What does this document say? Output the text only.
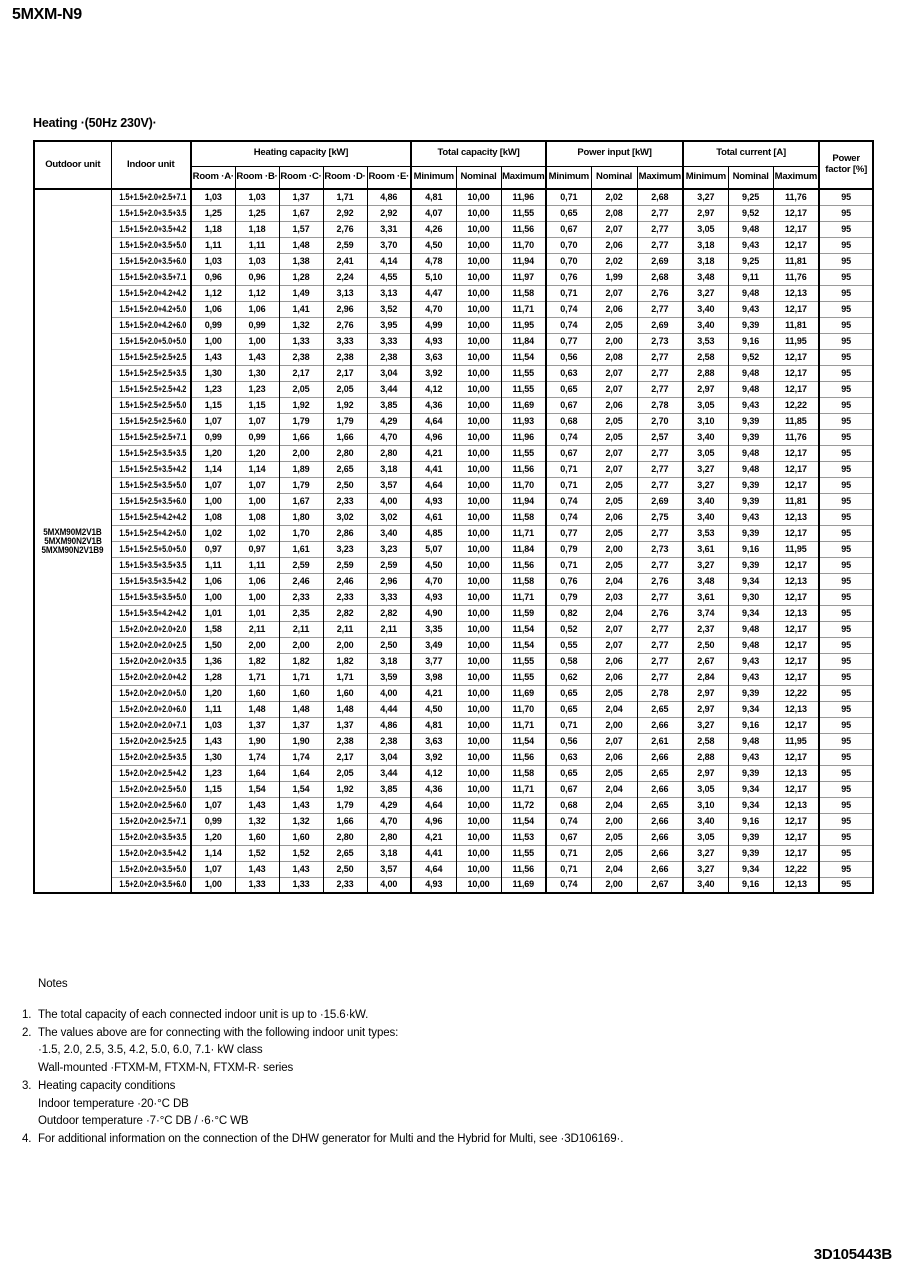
5MXM-N9
Heating ·(50Hz 230V)·
Outdoor unit	Indoor unit	Heating capacity [kW]					Total capacity [kW]			Power input [kW]			Total current [A]			Power factor [%]
		Room ·A·	Room ·B·	Room ·C·	Room ·D·	Room ·E·	Minimum	Nominal	Maximum	Minimum	Nominal	Maximum	Minimum	Nominal	Maximum	

5MXM90M2V1B
5MXM90N2V1B
5MXM90N2V1B9	1.5+1.5+2.0+2.5+7.1	1,03	1,03	1,37	1,71	4,86	4,81	10,00	11,96	0,71	2,02	2,68	3,27	9,25	11,76	95
	1.5+1.5+2.0+3.5+3.5	1,25	1,25	1,67	2,92	2,92	4,07	10,00	11,55	0,65	2,08	2,77	2,97	9,52	12,17	95
	1.5+1.5+2.0+3.5+4.2	1,18	1,18	1,57	2,76	3,31	4,26	10,00	11,56	0,67	2,07	2,77	3,05	9,48	12,17	95
	1.5+1.5+2.0+3.5+5.0	1,11	1,11	1,48	2,59	3,70	4,50	10,00	11,70	0,70	2,06	2,77	3,18	9,43	12,17	95
	1.5+1.5+2.0+3.5+6.0	1,03	1,03	1,38	2,41	4,14	4,78	10,00	11,94	0,70	2,02	2,69	3,18	9,25	11,81	95
	1.5+1.5+2.0+3.5+7.1	0,96	0,96	1,28	2,24	4,55	5,10	10,00	11,97	0,76	1,99	2,68	3,48	9,11	11,76	95
	1.5+1.5+2.0+4.2+4.2	1,12	1,12	1,49	3,13	3,13	4,47	10,00	11,58	0,71	2,07	2,76	3,27	9,48	12,13	95
	1.5+1.5+2.0+4.2+5.0	1,06	1,06	1,41	2,96	3,52	4,70	10,00	11,71	0,74	2,06	2,77	3,40	9,43	12,17	95
	1.5+1.5+2.0+4.2+6.0	0,99	0,99	1,32	2,76	3,95	4,99	10,00	11,95	0,74	2,05	2,69	3,40	9,39	11,81	95
	1.5+1.5+2.0+5.0+5.0	1,00	1,00	1,33	3,33	3,33	4,93	10,00	11,84	0,77	2,00	2,73	3,53	9,16	11,95	95
	1.5+1.5+2.5+2.5+2.5	1,43	1,43	2,38	2,38	2,38	3,63	10,00	11,54	0,56	2,08	2,77	2,58	9,52	12,17	95
	1.5+1.5+2.5+2.5+3.5	1,30	1,30	2,17	2,17	3,04	3,92	10,00	11,55	0,63	2,07	2,77	2,88	9,48	12,17	95
	1.5+1.5+2.5+2.5+4.2	1,23	1,23	2,05	2,05	3,44	4,12	10,00	11,55	0,65	2,07	2,77	2,97	9,48	12,17	95
	1.5+1.5+2.5+2.5+5.0	1,15	1,15	1,92	1,92	3,85	4,36	10,00	11,69	0,67	2,06	2,78	3,05	9,43	12,22	95
	1.5+1.5+2.5+2.5+6.0	1,07	1,07	1,79	1,79	4,29	4,64	10,00	11,93	0,68	2,05	2,70	3,10	9,39	11,85	95
	1.5+1.5+2.5+2.5+7.1	0,99	0,99	1,66	1,66	4,70	4,96	10,00	11,96	0,74	2,05	2,57	3,40	9,39	11,76	95
	1.5+1.5+2.5+3.5+3.5	1,20	1,20	2,00	2,80	2,80	4,21	10,00	11,55	0,67	2,07	2,77	3,05	9,48	12,17	95
	1.5+1.5+2.5+3.5+4.2	1,14	1,14	1,89	2,65	3,18	4,41	10,00	11,56	0,71	2,07	2,77	3,27	9,48	12,17	95
	1.5+1.5+2.5+3.5+5.0	1,07	1,07	1,79	2,50	3,57	4,64	10,00	11,70	0,71	2,05	2,77	3,27	9,39	12,17	95
	1.5+1.5+2.5+3.5+6.0	1,00	1,00	1,67	2,33	4,00	4,93	10,00	11,94	0,74	2,05	2,69	3,40	9,39	11,81	95
	1.5+1.5+2.5+4.2+4.2	1,08	1,08	1,80	3,02	3,02	4,61	10,00	11,58	0,74	2,06	2,75	3,40	9,43	12,13	95
	1.5+1.5+2.5+4.2+5.0	1,02	1,02	1,70	2,86	3,40	4,85	10,00	11,71	0,77	2,05	2,77	3,53	9,39	12,17	95
	1.5+1.5+2.5+5.0+5.0	0,97	0,97	1,61	3,23	3,23	5,07	10,00	11,84	0,79	2,00	2,73	3,61	9,16	11,95	95
	1.5+1.5+3.5+3.5+3.5	1,11	1,11	2,59	2,59	2,59	4,50	10,00	11,56	0,71	2,05	2,77	3,27	9,39	12,17	95
	1.5+1.5+3.5+3.5+4.2	1,06	1,06	2,46	2,46	2,96	4,70	10,00	11,58	0,76	2,04	2,76	3,48	9,34	12,13	95
	1.5+1.5+3.5+3.5+5.0	1,00	1,00	2,33	2,33	3,33	4,93	10,00	11,71	0,79	2,03	2,77	3,61	9,30	12,17	95
	1.5+1.5+3.5+4.2+4.2	1,01	1,01	2,35	2,82	2,82	4,90	10,00	11,59	0,82	2,04	2,76	3,74	9,34	12,13	95
	1.5+2.0+2.0+2.0+2.0	1,58	2,11	2,11	2,11	2,11	3,35	10,00	11,54	0,52	2,07	2,77	2,37	9,48	12,17	95
	1.5+2.0+2.0+2.0+2.5	1,50	2,00	2,00	2,00	2,50	3,49	10,00	11,54	0,55	2,07	2,77	2,50	9,48	12,17	95
	1.5+2.0+2.0+2.0+3.5	1,36	1,82	1,82	1,82	3,18	3,77	10,00	11,55	0,58	2,06	2,77	2,67	9,43	12,17	95
	1.5+2.0+2.0+2.0+4.2	1,28	1,71	1,71	1,71	3,59	3,98	10,00	11,55	0,62	2,06	2,77	2,84	9,43	12,17	95
	1.5+2.0+2.0+2.0+5.0	1,20	1,60	1,60	1,60	4,00	4,21	10,00	11,69	0,65	2,05	2,78	2,97	9,39	12,22	95
	1.5+2.0+2.0+2.0+6.0	1,11	1,48	1,48	1,48	4,44	4,50	10,00	11,70	0,65	2,04	2,65	2,97	9,34	12,13	95
	1.5+2.0+2.0+2.0+7.1	1,03	1,37	1,37	1,37	4,86	4,81	10,00	11,71	0,71	2,00	2,66	3,27	9,16	12,17	95
	1.5+2.0+2.0+2.5+2.5	1,43	1,90	1,90	2,38	2,38	3,63	10,00	11,54	0,56	2,07	2,61	2,58	9,48	11,95	95
	1.5+2.0+2.0+2.5+3.5	1,30	1,74	1,74	2,17	3,04	3,92	10,00	11,56	0,63	2,06	2,66	2,88	9,43	12,17	95
	1.5+2.0+2.0+2.5+4.2	1,23	1,64	1,64	2,05	3,44	4,12	10,00	11,58	0,65	2,05	2,65	2,97	9,39	12,13	95
	1.5+2.0+2.0+2.5+5.0	1,15	1,54	1,54	1,92	3,85	4,36	10,00	11,71	0,67	2,04	2,66	3,05	9,34	12,17	95
	1.5+2.0+2.0+2.5+6.0	1,07	1,43	1,43	1,79	4,29	4,64	10,00	11,72	0,68	2,04	2,65	3,10	9,34	12,13	95
	1.5+2.0+2.0+2.5+7.1	0,99	1,32	1,32	1,66	4,70	4,96	10,00	11,54	0,74	2,00	2,66	3,40	9,16	12,17	95
	1.5+2.0+2.0+3.5+3.5	1,20	1,60	1,60	2,80	2,80	4,21	10,00	11,53	0,67	2,05	2,66	3,05	9,39	12,17	95
	1.5+2.0+2.0+3.5+4.2	1,14	1,52	1,52	2,65	3,18	4,41	10,00	11,55	0,71	2,05	2,66	3,27	9,39	12,17	95
	1.5+2.0+2.0+3.5+5.0	1,07	1,43	1,43	2,50	3,57	4,64	10,00	11,56	0,71	2,04	2,66	3,27	9,34	12,22	95
	1.5+2.0+2.0+3.5+6.0	1,00	1,33	1,33	2,33	4,00	4,93	10,00	11,69	0,74	2,00	2,67	3,40	9,16	12,13	95
Notes
1. The total capacity of each connected indoor unit is up to ·15.6·kW.
2. The values above are for connecting with the following indoor unit types:
·1.5, 2.0, 2.5, 3.5, 4.2, 5.0, 6.0, 7.1· kW class
Wall-mounted ·FTXM-M, FTXM-N, FTXM-R· series
3. Heating capacity conditions
Indoor temperature ·20·°C DB
Outdoor temperature ·7·°C DB / ·6·°C WB
4. For additional information on the connection of the DHW generator for Multi and the Hybrid for Multi, see ·3D106169·.
3D105443B
